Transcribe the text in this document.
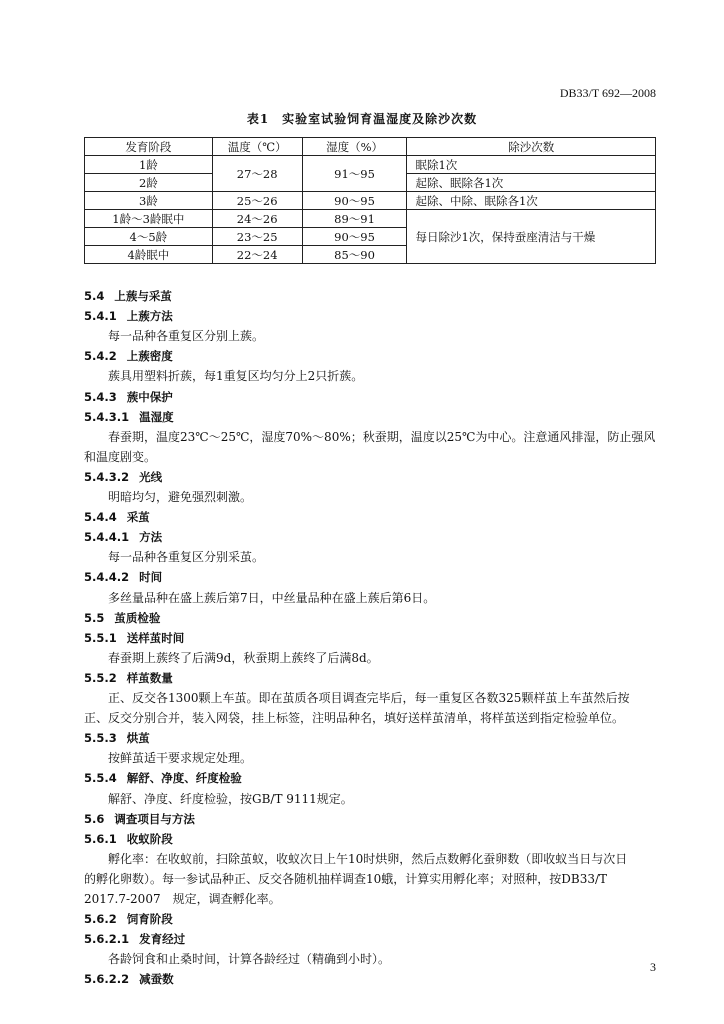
DB33/T 692—2008
表1　实验室试验饲育温湿度及除沙次数
发育阶段	温度（℃）	湿度（%）	除沙次数
1龄	27～28	91～95	眠除1次
2龄			起除、眠除各1次
3龄	25～26	90～95	起除、中除、眠除各1次
1龄～3龄眠中	24～26	89～91	每日除沙1次，保持蚕座清洁与干燥
4～5龄	23～25	90～95	
4龄眠中	22～24	85～90	
5.4 上蔟与采茧
5.4.1 上蔟方法
每一品种各重复区分别上蔟。
5.4.2 上蔟密度
蔟具用塑料折蔟，每1重复区均匀分上2只折蔟。
5.4.3 蔟中保护
5.4.3.1 温湿度
春蚕期，温度23℃～25℃，湿度70%～80%；秋蚕期，温度以25℃为中心。注意通风排湿，防止强风
和温度剧变。
5.4.3.2 光线
明暗均匀，避免强烈刺激。
5.4.4 采茧
5.4.4.1 方法
每一品种各重复区分别采茧。
5.4.4.2 时间
多丝量品种在盛上蔟后第7日，中丝量品种在盛上蔟后第6日。
5.5 茧质检验
5.5.1 送样茧时间
春蚕期上蔟终了后满9d，秋蚕期上蔟终了后满8d。
5.5.2 样茧数量
正、反交各1300颗上车茧。即在茧质各项目调查完毕后，每一重复区各数325颗样茧上车茧然后按
正、反交分别合并，装入网袋，挂上标签，注明品种名，填好送样茧清单，将样茧送到指定检验单位。
5.5.3 烘茧
按鲜茧适干要求规定处理。
5.5.4 解舒、净度、纤度检验
解舒、净度、纤度检验，按GB/T 9111规定。
5.6 调查项目与方法
5.6.1 收蚁阶段
孵化率：在收蚁前，扫除茧蚁，收蚁次日上午10时烘卵，然后点数孵化蚕卵数（即收蚁当日与次日
的孵化卵数）。每一参试品种正、反交各随机抽样调查10蛾，计算实用孵化率；对照种，按DB33/T
2017.7-2007　规定，调查孵化率。
5.6.2 饲育阶段
5.6.2.1 发育经过
各龄饲食和止桑时间，计算各龄经过（精确到小时）。
5.6.2.2 减蚕数
3
